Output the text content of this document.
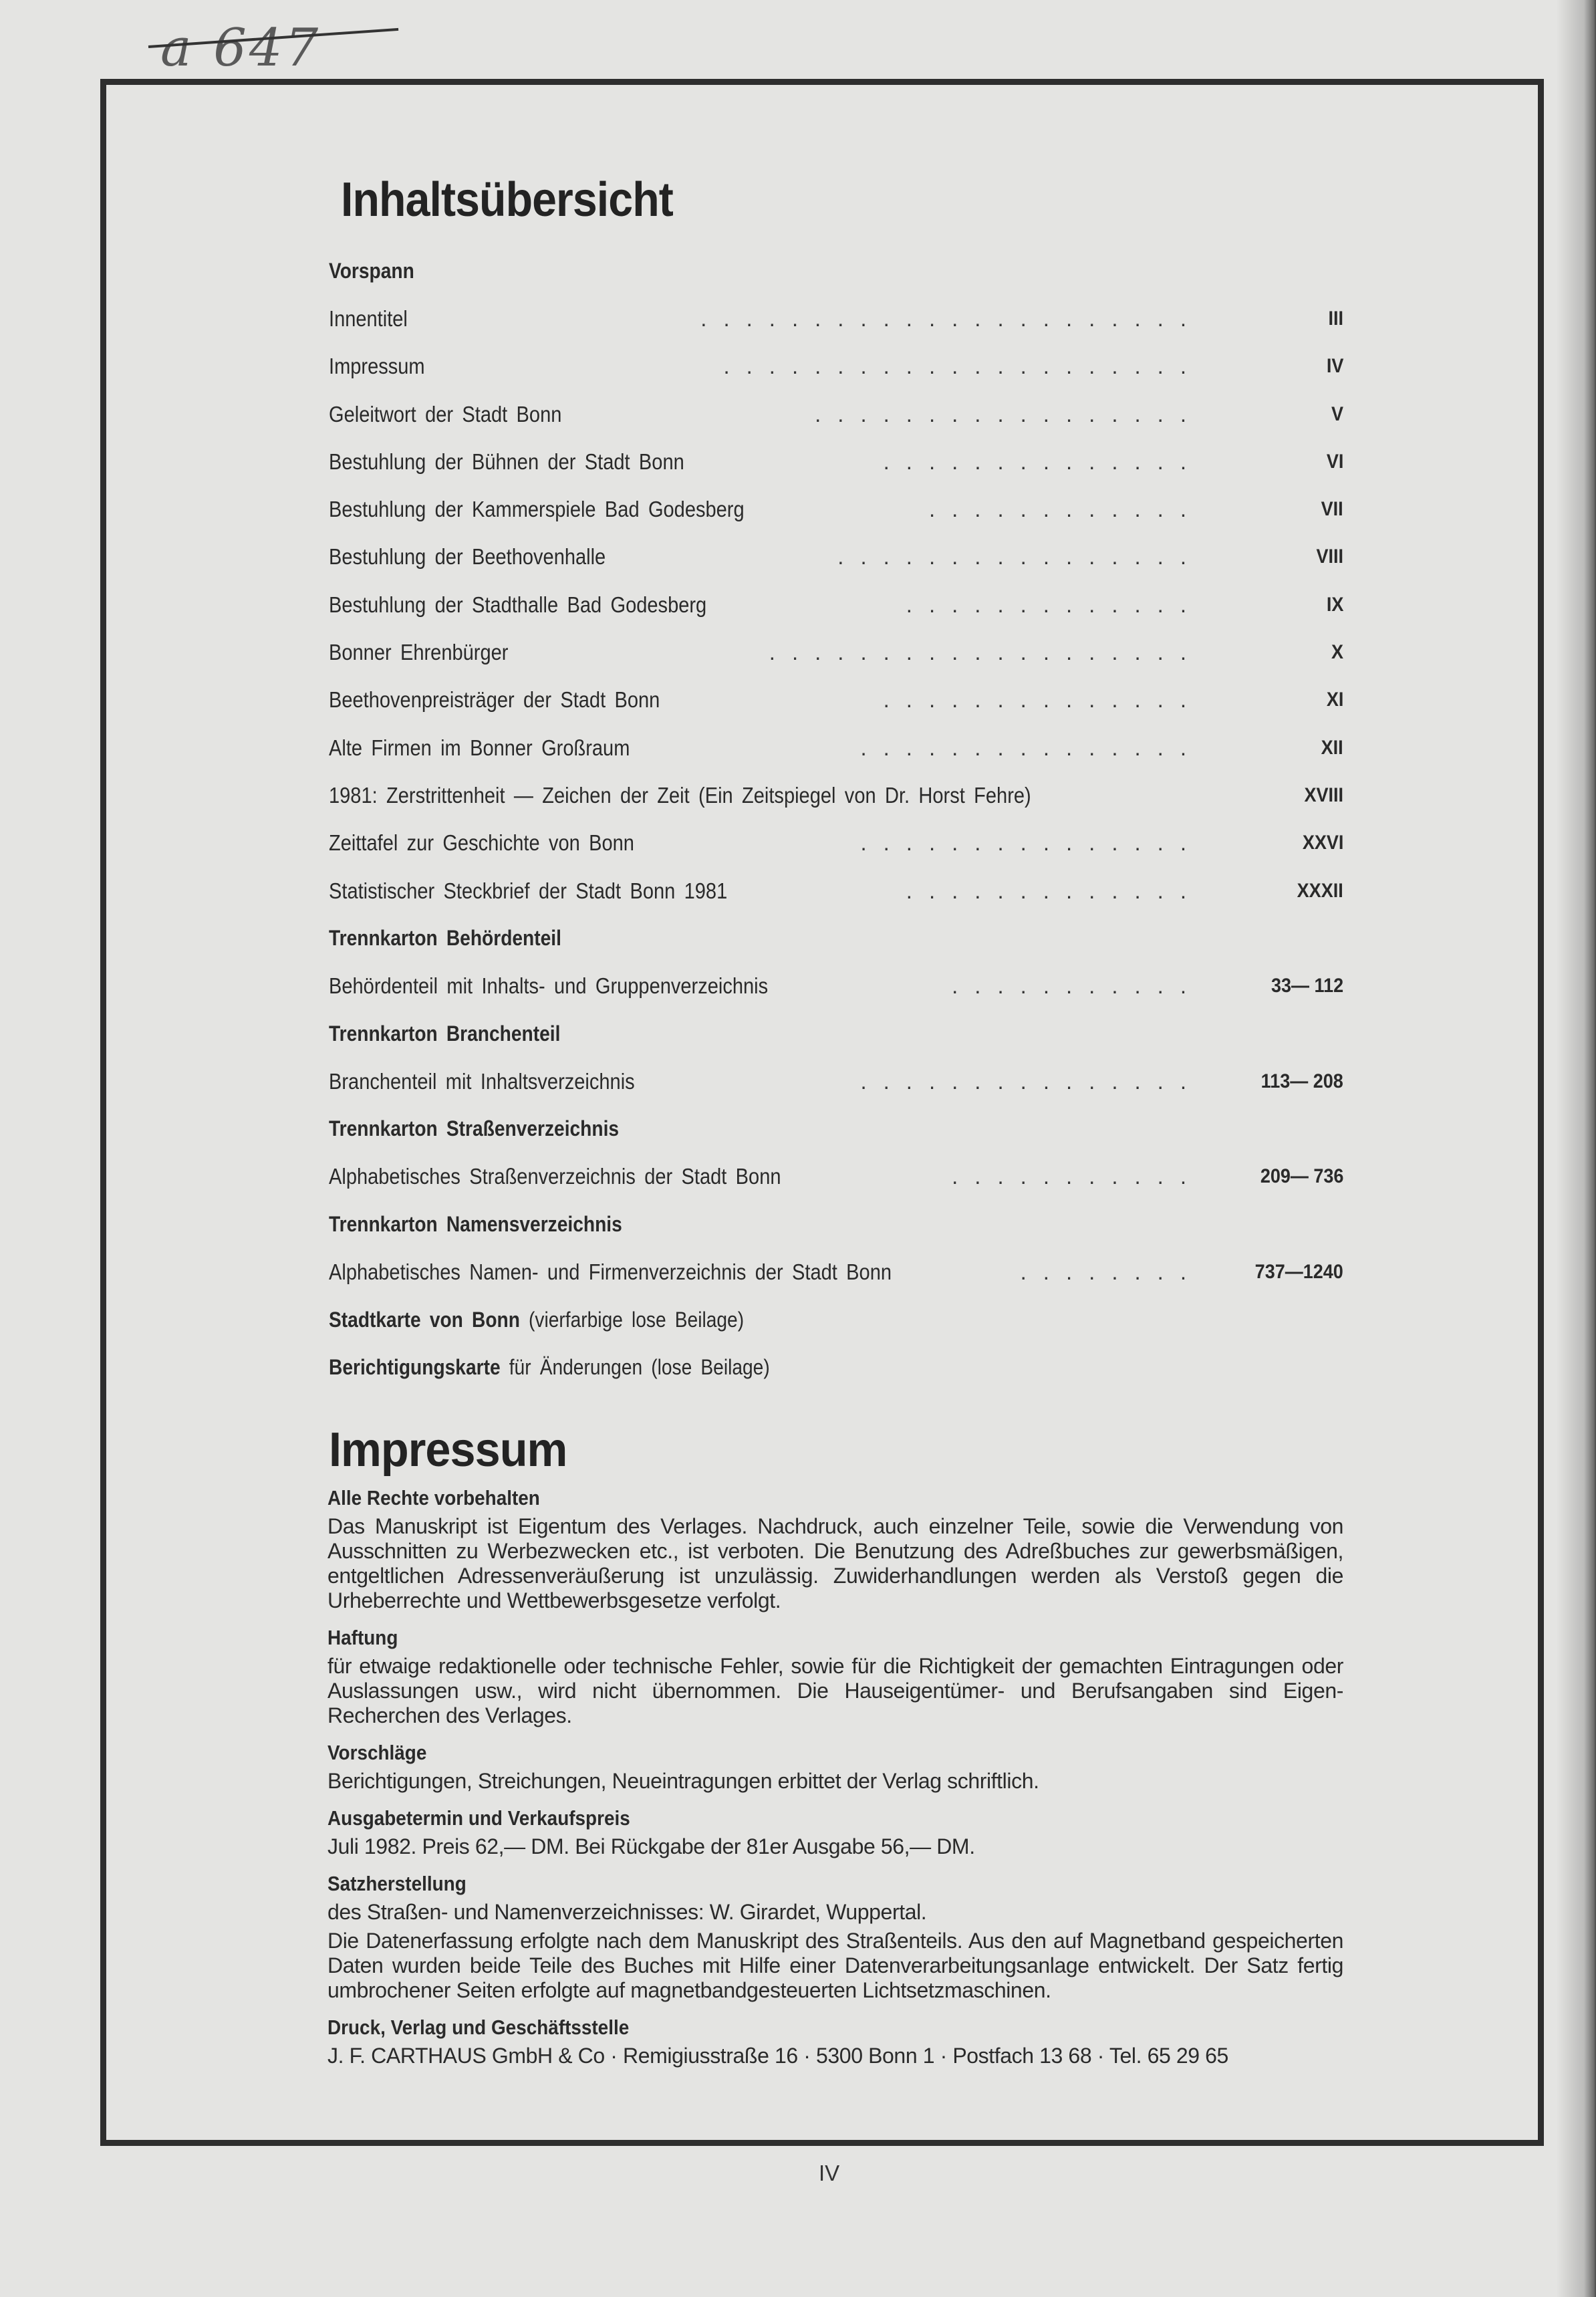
a 647
Inhaltsübersicht
Vorspann
Innentitel	......................	III
Impressum	.....................	IV
Geleitwort der Stadt Bonn	.................	V
Bestuhlung der Bühnen der Stadt Bonn	..............	VI
Bestuhlung der Kammerspiele Bad Godesberg	............	VII
Bestuhlung der Beethovenhalle	................	VIII
Bestuhlung der Stadthalle Bad Godesberg	.............	IX
Bonner Ehrenbürger	...................	X
Beethovenpreisträger der Stadt Bonn	..............	XI
Alte Firmen im Bonner Großraum	...............	XII
1981: Zerstrittenheit — Zeichen der Zeit (Ein Zeitspiegel von Dr. Horst Fehre)	XVIII
Zeittafel zur Geschichte von Bonn	...............	XXVI
Statistischer Steckbrief der Stadt Bonn 1981	.............	XXXII
Trennkarton Behördenteil
Behördenteil mit Inhalts- und Gruppenverzeichnis	...........	33— 112
Trennkarton Branchenteil
Branchenteil mit Inhaltsverzeichnis	...............	113— 208
Trennkarton Straßenverzeichnis
Alphabetisches Straßenverzeichnis der Stadt Bonn	...........	209— 736
Trennkarton Namensverzeichnis
Alphabetisches Namen- und Firmenverzeichnis der Stadt Bonn	........	737—1240
Stadtkarte von Bonn (vierfarbige lose Beilage)
Berichtigungskarte für Änderungen (lose Beilage)
Impressum
Alle Rechte vorbehalten
Das Manuskript ist Eigentum des Verlages. Nachdruck, auch einzelner Teile, sowie die Verwendung von Ausschnitten zu Werbezwecken etc., ist verboten. Die Benutzung des Adreßbuches zur gewerbsmäßigen, entgeltlichen Adressenveräußerung ist unzulässig. Zuwiderhandlungen werden als Verstoß gegen die Urheberrechte und Wettbewerbsgesetze verfolgt.
Haftung
für etwaige redaktionelle oder technische Fehler, sowie für die Richtigkeit der gemachten Eintragungen oder Auslassungen usw., wird nicht übernommen. Die Hauseigentümer- und Berufsangaben sind Eigen-Recherchen des Verlages.
Vorschläge
Berichtigungen, Streichungen, Neueintragungen erbittet der Verlag schriftlich.
Ausgabetermin und Verkaufspreis
Juli 1982. Preis 62,— DM. Bei Rückgabe der 81er Ausgabe 56,— DM.
Satzherstellung
des Straßen- und Namenverzeichnisses: W. Girardet, Wuppertal.
Die Datenerfassung erfolgte nach dem Manuskript des Straßenteils. Aus den auf Magnetband gespeicherten Daten wurden beide Teile des Buches mit Hilfe einer Datenverarbeitungsanlage entwickelt. Der Satz fertig umbrochener Seiten erfolgte auf magnetbandgesteuerten Lichtsetzmaschinen.
Druck, Verlag und Geschäftsstelle
J. F. CARTHAUS GmbH & Co · Remigiusstraße 16 · 5300 Bonn 1 · Postfach 13 68 · Tel. 65 29 65
IV
